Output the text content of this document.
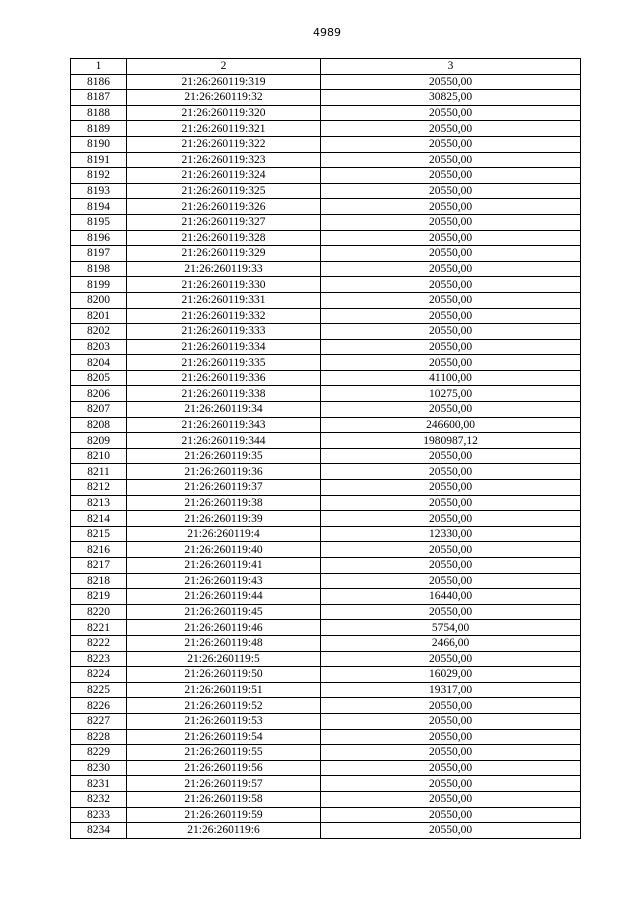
4989
1	2	3
8186	21:26:260119:319	20550,00
8187	21:26:260119:32	30825,00
8188	21:26:260119:320	20550,00
8189	21:26:260119:321	20550,00
8190	21:26:260119:322	20550,00
8191	21:26:260119:323	20550,00
8192	21:26:260119:324	20550,00
8193	21:26:260119:325	20550,00
8194	21:26:260119:326	20550,00
8195	21:26:260119:327	20550,00
8196	21:26:260119:328	20550,00
8197	21:26:260119:329	20550,00
8198	21:26:260119:33	20550,00
8199	21:26:260119:330	20550,00
8200	21:26:260119:331	20550,00
8201	21:26:260119:332	20550,00
8202	21:26:260119:333	20550,00
8203	21:26:260119:334	20550,00
8204	21:26:260119:335	20550,00
8205	21:26:260119:336	41100,00
8206	21:26:260119:338	10275,00
8207	21:26:260119:34	20550,00
8208	21:26:260119:343	246600,00
8209	21:26:260119:344	1980987,12
8210	21:26:260119:35	20550,00
8211	21:26:260119:36	20550,00
8212	21:26:260119:37	20550,00
8213	21:26:260119:38	20550,00
8214	21:26:260119:39	20550,00
8215	21:26:260119:4	12330,00
8216	21:26:260119:40	20550,00
8217	21:26:260119:41	20550,00
8218	21:26:260119:43	20550,00
8219	21:26:260119:44	16440,00
8220	21:26:260119:45	20550,00
8221	21:26:260119:46	5754,00
8222	21:26:260119:48	2466,00
8223	21:26:260119:5	20550,00
8224	21:26:260119:50	16029,00
8225	21:26:260119:51	19317,00
8226	21:26:260119:52	20550,00
8227	21:26:260119:53	20550,00
8228	21:26:260119:54	20550,00
8229	21:26:260119:55	20550,00
8230	21:26:260119:56	20550,00
8231	21:26:260119:57	20550,00
8232	21:26:260119:58	20550,00
8233	21:26:260119:59	20550,00
8234	21:26:260119:6	20550,00
